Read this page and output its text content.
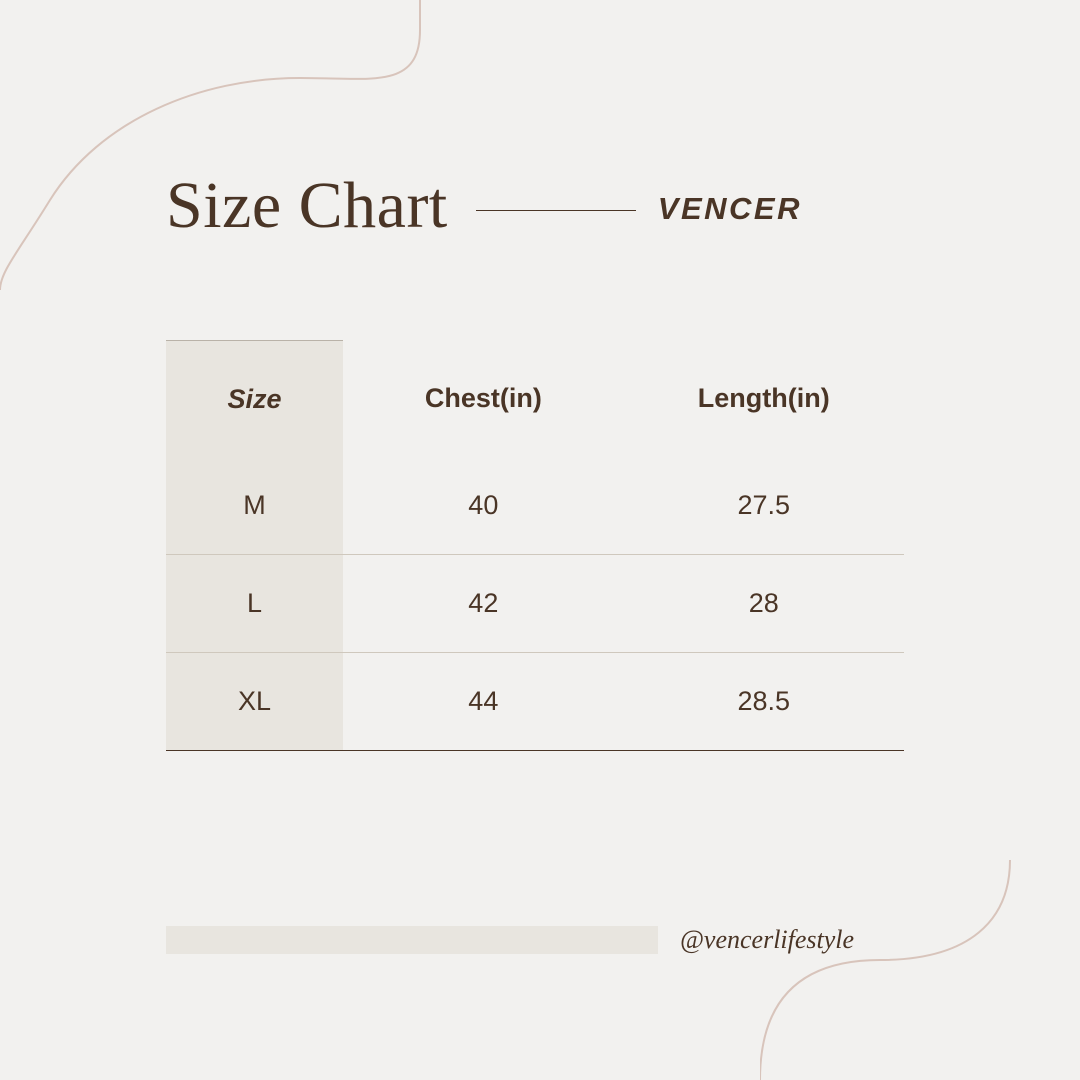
Size Chart	VENCER
Size	Chest(in)	Length(in)
M	40	27.5
L	42	28
XL	44	28.5
@vencerlifestyle
